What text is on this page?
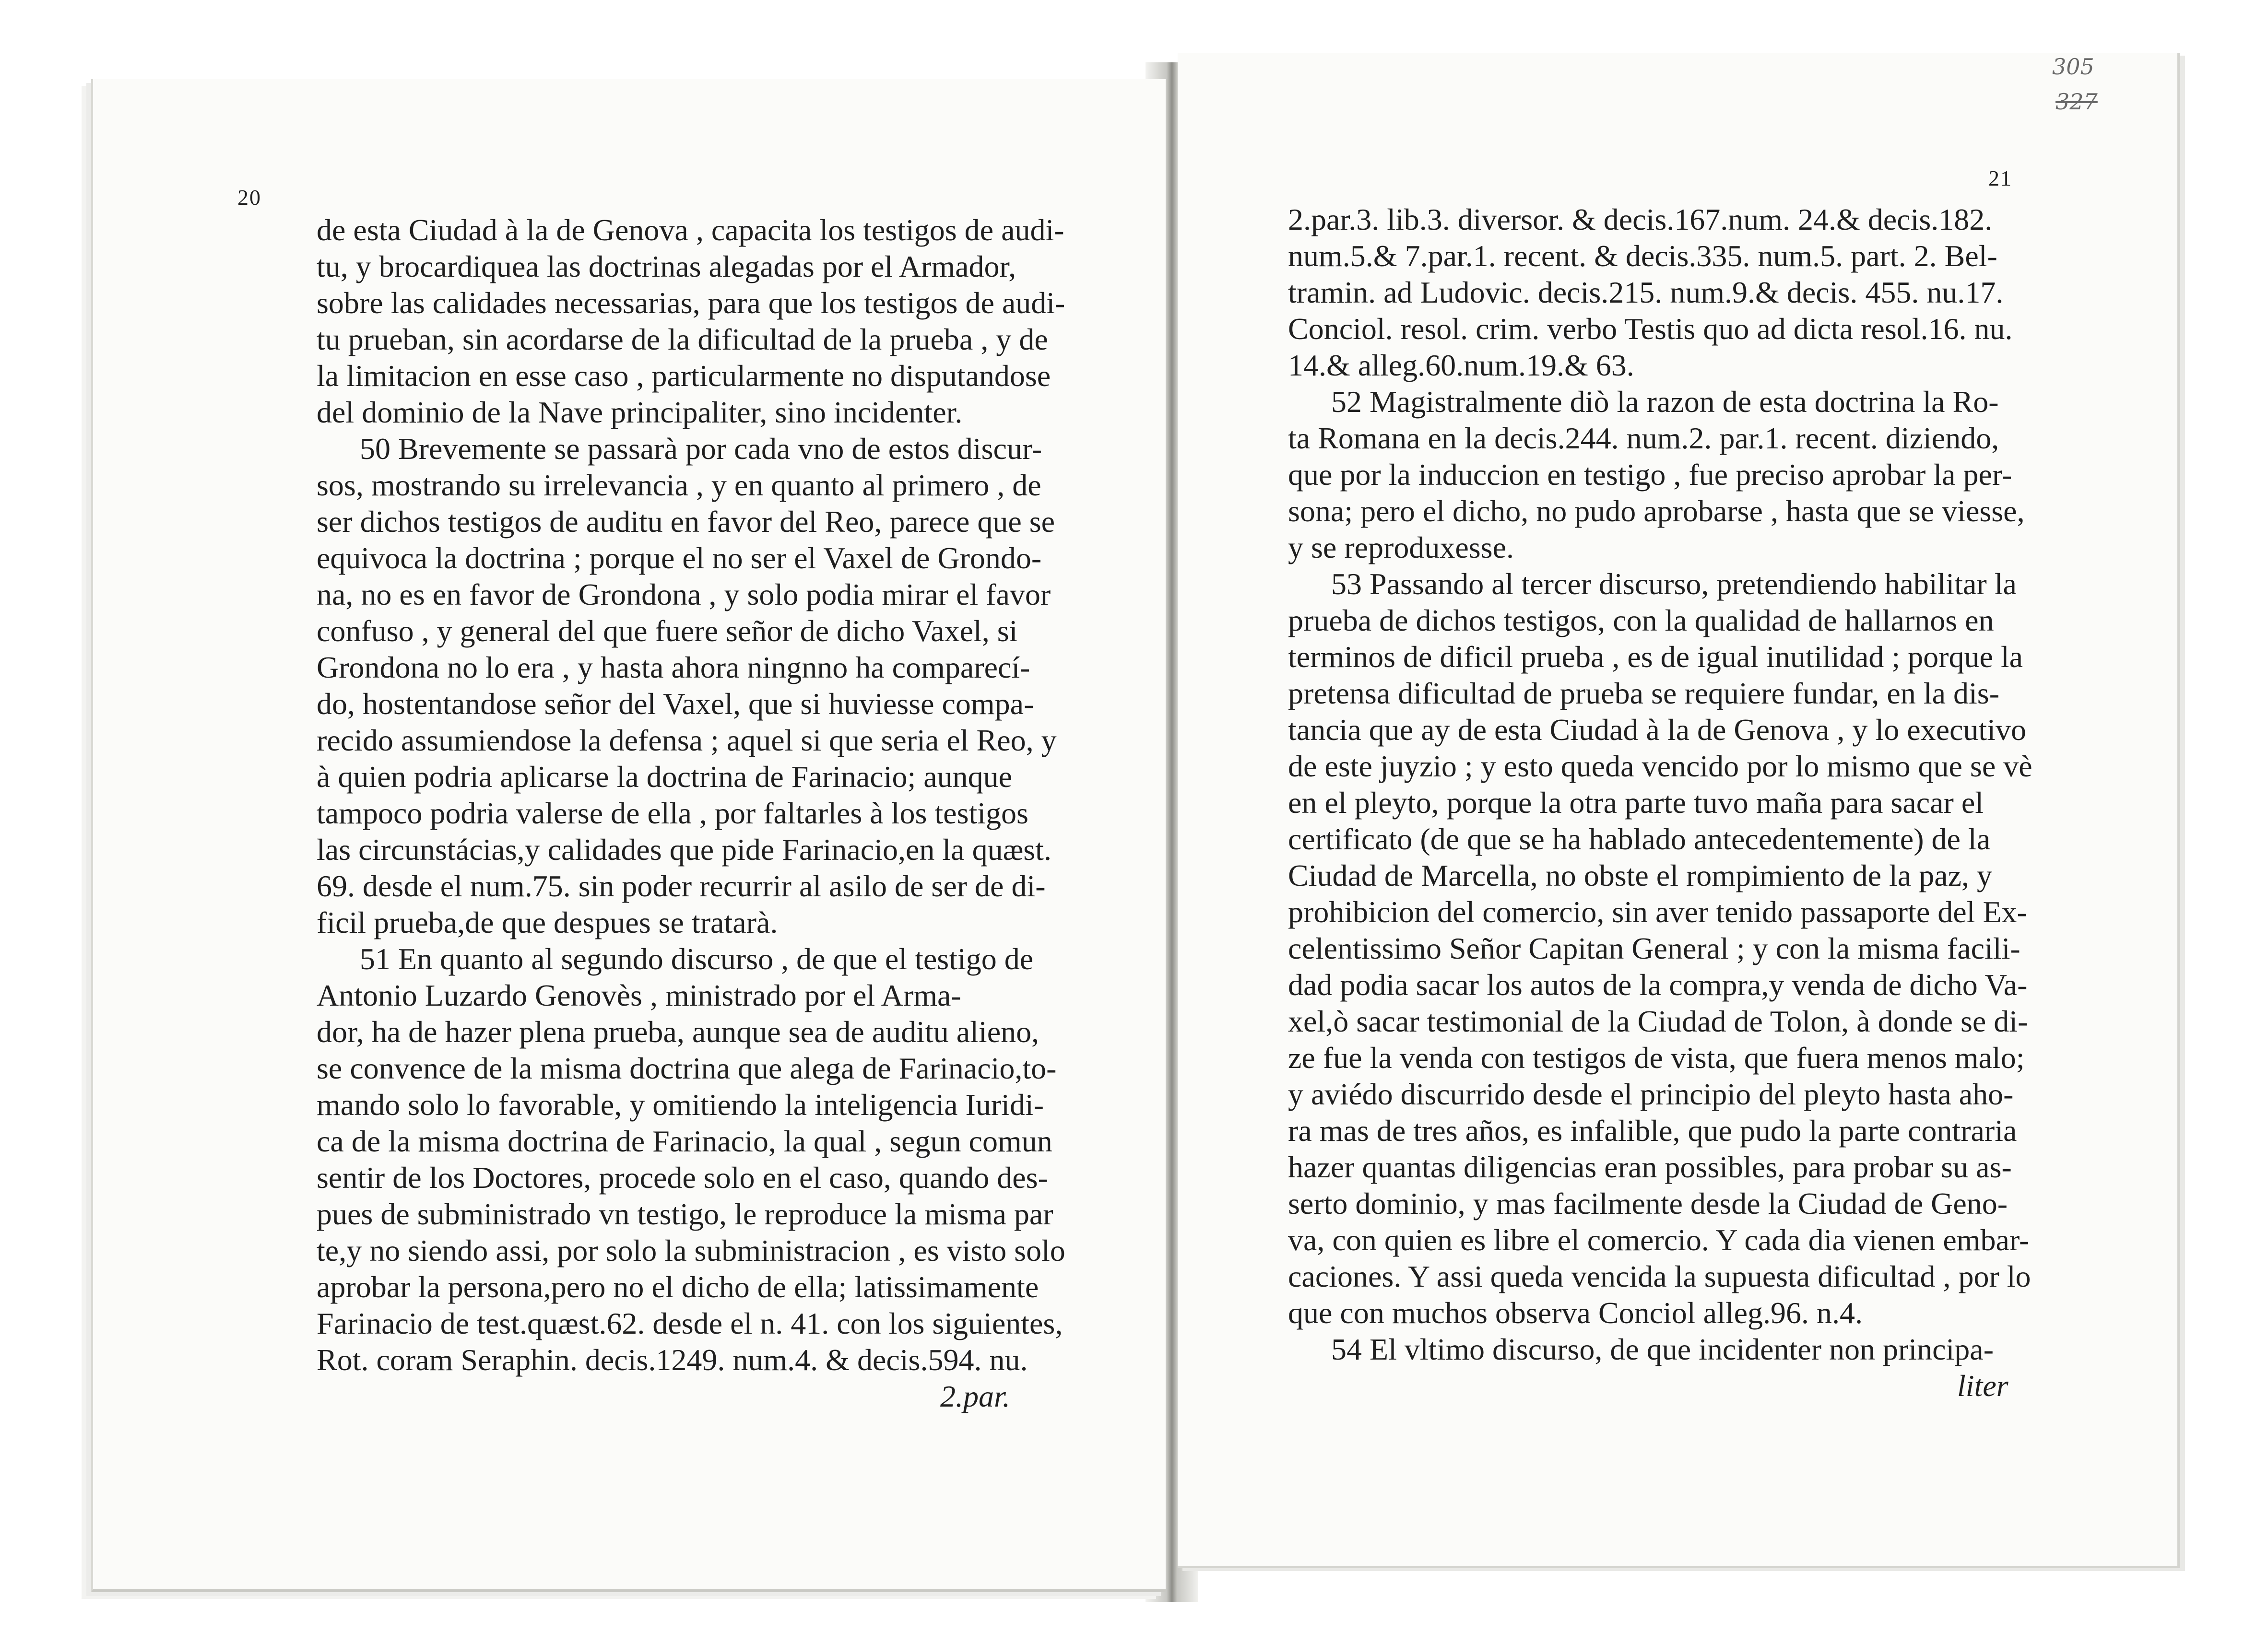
20
21
305
327
de esta Ciudad à la de Genova , capacita los testigos de audi-
tu, y brocardiquea las doctrinas alegadas por el Armador,
sobre las calidades necessarias, para que los testigos de audi-
tu prueban, sin acordarse de la dificultad de la prueba , y de
la limitacion en esse caso , particularmente no disputandose
del dominio de la Nave principaliter, sino incidenter.
50 Brevemente se passarà por cada vno de estos discur-
sos, mostrando su irrelevancia , y en quanto al primero , de
ser dichos testigos de auditu en favor del Reo, parece que se
equivoca la doctrina ; porque el no ser el Vaxel de Grondo-
na, no es en favor de Grondona , y solo podia mirar el favor
confuso , y general del que fuere señor de dicho Vaxel, si
Grondona no lo era , y hasta ahora ningnno ha comparecí-
do, hostentandose señor del Vaxel, que si huviesse compa-
recido assumiendose la defensa ; aquel si que seria el Reo, y
à quien podria aplicarse la doctrina de Farinacio; aunque
tampoco podria valerse de ella , por faltarles à los testigos
las circunstácias,y calidades que pide Farinacio,en la quæst.
69. desde el num.75. sin poder recurrir al asilo de ser de di-
ficil prueba,de que despues se tratarà.
51 En quanto al segundo discurso , de que el testigo de
Antonio Luzardo Genovès , ministrado por el Arma-
dor, ha de hazer plena prueba, aunque sea de auditu alieno,
se convence de la misma doctrina que alega de Farinacio,to-
mando solo lo favorable, y omitiendo la inteligencia Iuridi-
ca de la misma doctrina de Farinacio, la qual , segun comun
sentir de los Doctores, procede solo en el caso, quando des-
pues de subministrado vn testigo, le reproduce la misma par
te,y no siendo assi, por solo la subministracion , es visto solo
aprobar la persona,pero no el dicho de ella; latissimamente
Farinacio de test.quæst.62. desde el n. 41. con los siguientes,
Rot. coram Seraphin. decis.1249. num.4. & decis.594. nu.
2.par.
2.par.3. lib.3. diversor. & decis.167.num. 24.& decis.182.
num.5.& 7.par.1. recent. & decis.335. num.5. part. 2. Bel-
tramin. ad Ludovic. decis.215. num.9.& decis. 455. nu.17.
Conciol. resol. crim. verbo Testis quo ad dicta resol.16. nu.
14.& alleg.60.num.19.& 63.
52 Magistralmente diò la razon de esta doctrina la Ro-
ta Romana en la decis.244. num.2. par.1. recent. diziendo,
que por la induccion en testigo , fue preciso aprobar la per-
sona; pero el dicho, no pudo aprobarse , hasta que se viesse,
y se reproduxesse.
53 Passando al tercer discurso, pretendiendo habilitar la
prueba de dichos testigos, con la qualidad de hallarnos en
terminos de dificil prueba , es de igual inutilidad ; porque la
pretensa dificultad de prueba se requiere fundar, en la dis-
tancia que ay de esta Ciudad à la de Genova , y lo executivo
de este juyzio ; y esto queda vencido por lo mismo que se vè
en el pleyto, porque la otra parte tuvo maña para sacar el
certificato (de que se ha hablado antecedentemente) de la
Ciudad de Marcella, no obste el rompimiento de la paz, y
prohibicion del comercio, sin aver tenido passaporte del Ex-
celentissimo Señor Capitan General ; y con la misma facili-
dad podia sacar los autos de la compra,y venda de dicho Va-
xel,ò sacar testimonial de la Ciudad de Tolon, à donde se di-
ze fue la venda con testigos de vista, que fuera menos malo;
y aviédo discurrido desde el principio del pleyto hasta aho-
ra mas de tres años, es infalible, que pudo la parte contraria
hazer quantas diligencias eran possibles, para probar su as-
serto dominio, y mas facilmente desde la Ciudad de Geno-
va, con quien es libre el comercio. Y cada dia vienen embar-
caciones. Y assi queda vencida la supuesta dificultad , por lo
que con muchos observa Conciol alleg.96. n.4.
54 El vltimo discurso, de que incidenter non principa-
liter
